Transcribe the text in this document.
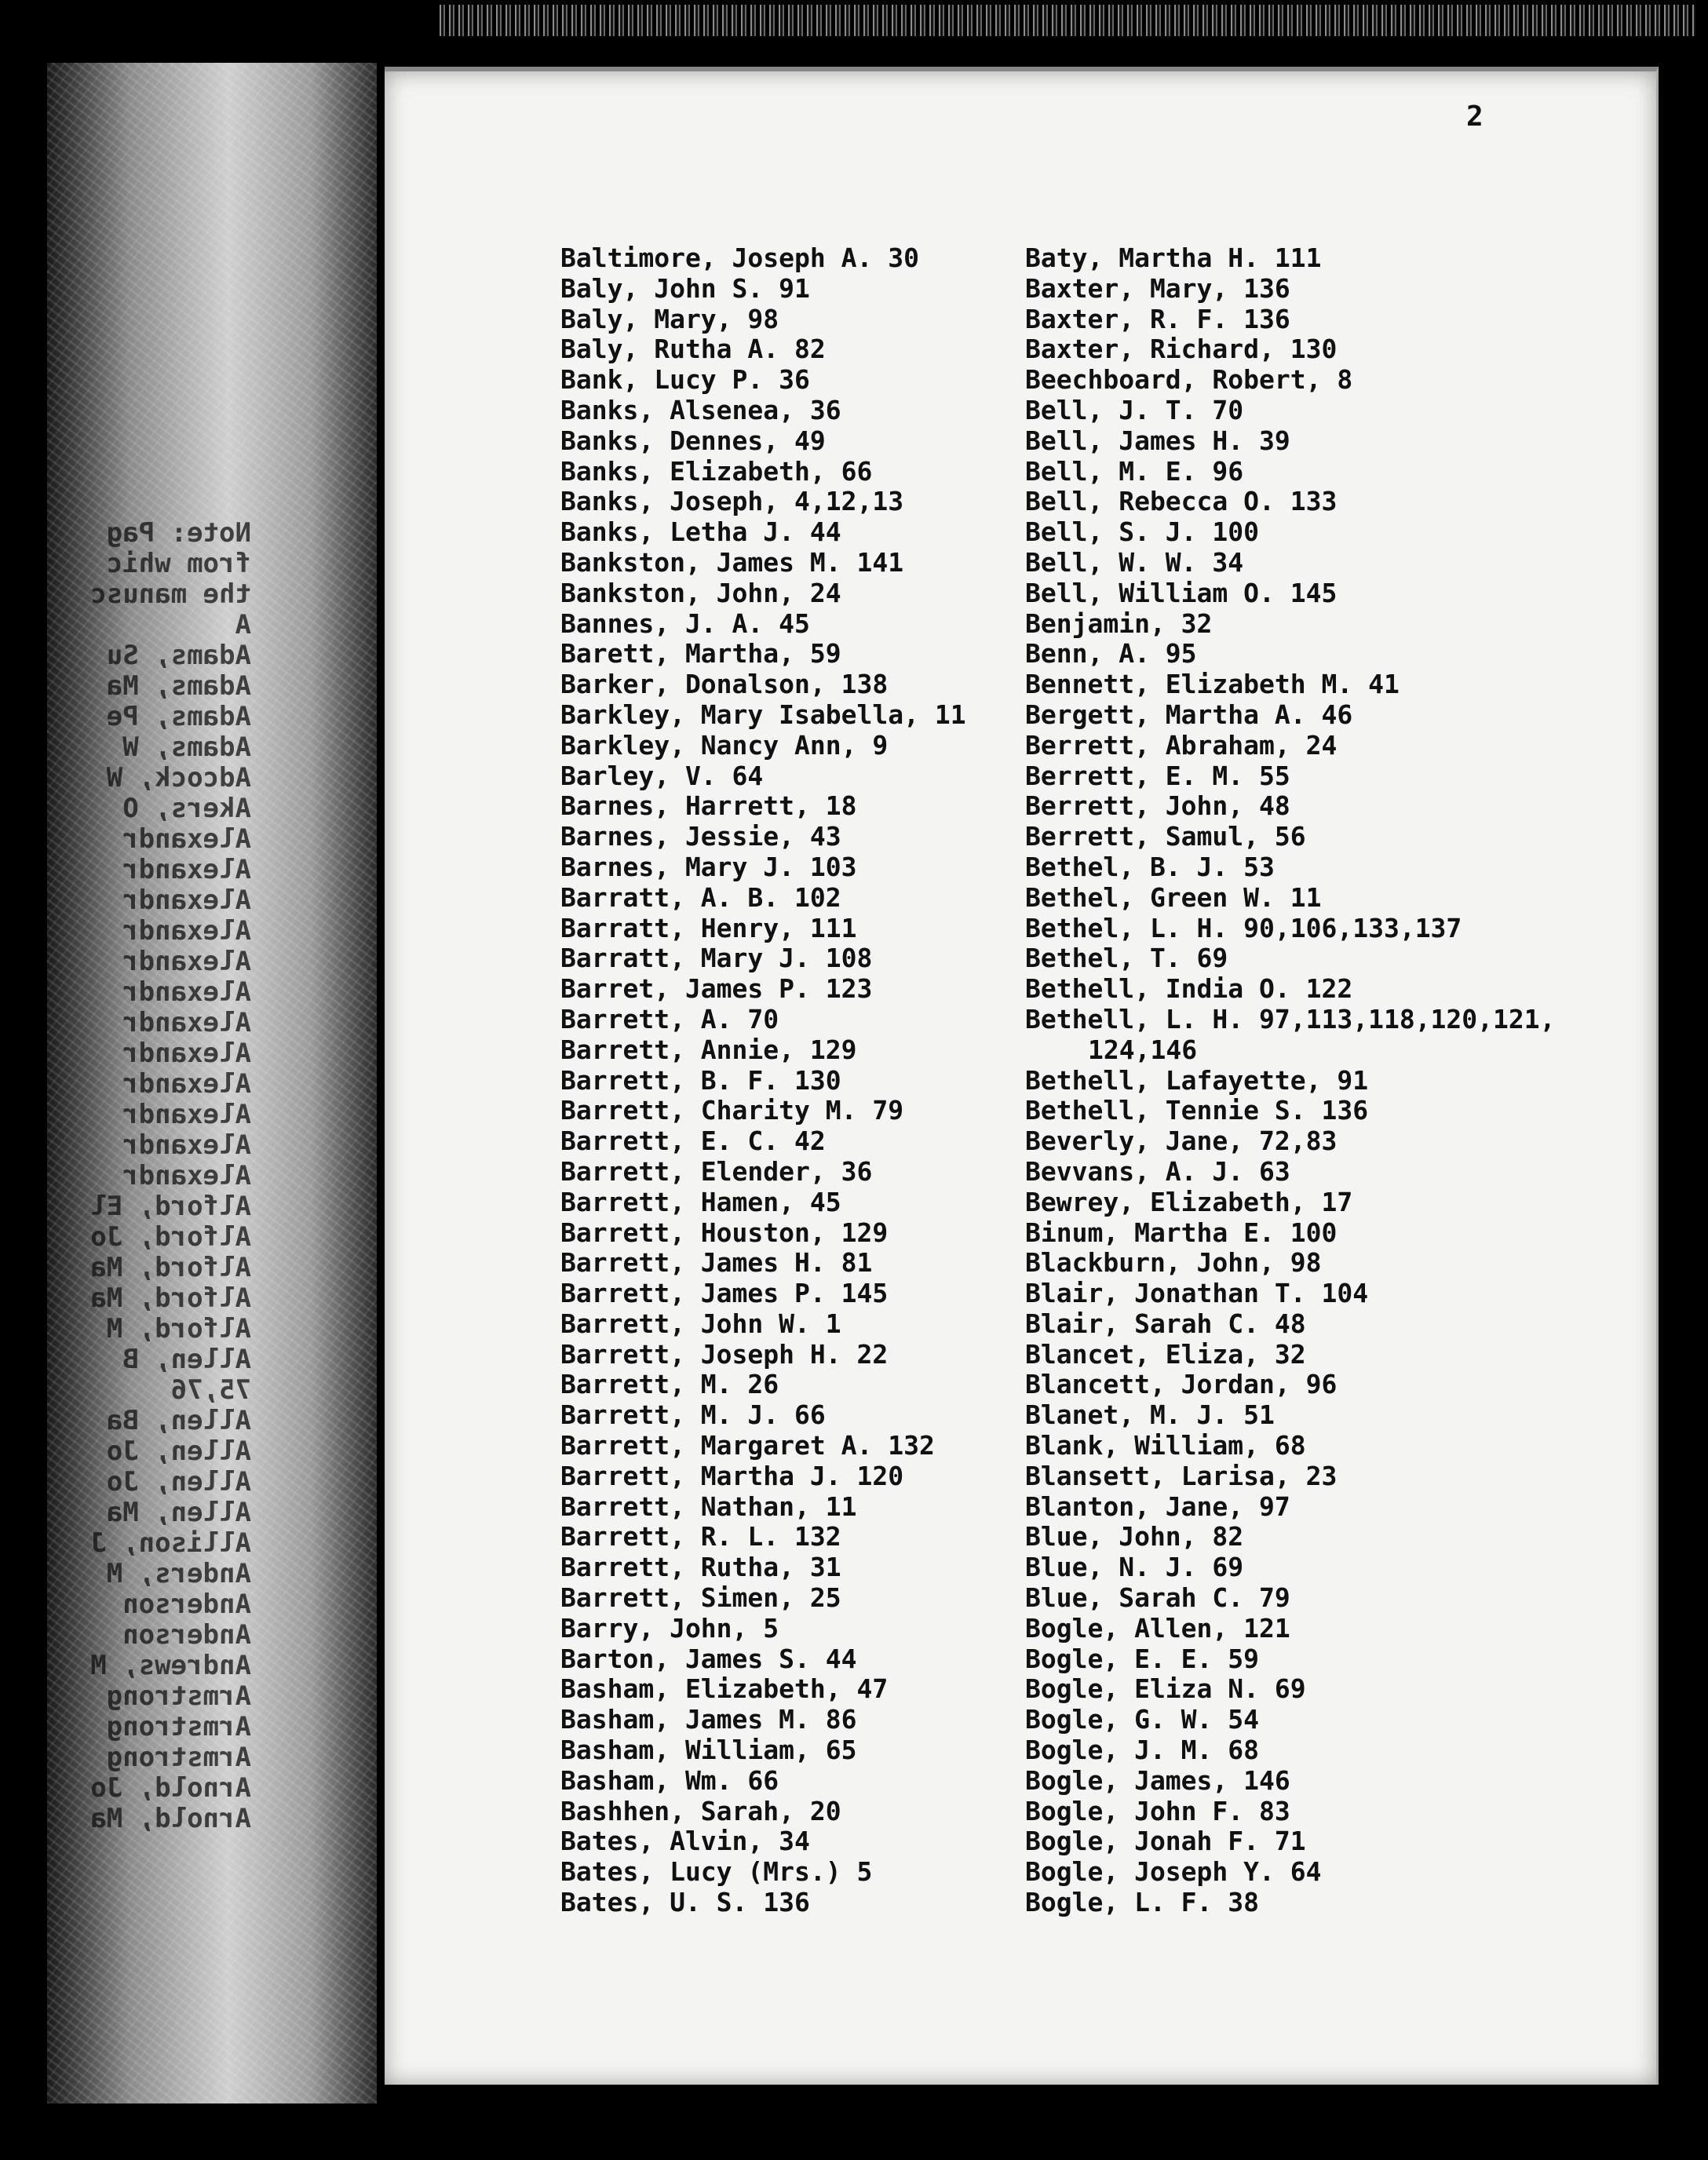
Note: Pag
from whic
the manusc
A
Adams, Su
Adams, Ma
Adams, Pe
Adams, W
Adcock, W
Akers, O
Alexandr
Alexandr
Alexandr
Alexandr
Alexandr
Alexandr
Alexandr
Alexandr
Alexandr
Alexandr
Alexandr
Alexandr
Alford, El
Alford, Jo
Alford, Ma
Alford, Ma
Alford, M
Allen, B
75,76
Allen, Ba
Allen, Jo
Allen, Jo
Allen, Ma
Allison, J
Anders, M
Anderson
Anderson
Andrews, M
Armstrong
Armstrong
Armstrong
Arnold, Jo
Arnold, Ma
2
Baltimore, Joseph A. 30
Baly, John S. 91
Baly, Mary, 98
Baly, Rutha A. 82
Bank, Lucy P. 36
Banks, Alsenea, 36
Banks, Dennes, 49
Banks, Elizabeth, 66
Banks, Joseph, 4,12,13
Banks, Letha J. 44
Bankston, James M. 141
Bankston, John, 24
Bannes, J. A. 45
Barett, Martha, 59
Barker, Donalson, 138
Barkley, Mary Isabella, 11
Barkley, Nancy Ann, 9
Barley, V. 64
Barnes, Harrett, 18
Barnes, Jessie, 43
Barnes, Mary J. 103
Barratt, A. B. 102
Barratt, Henry, 111
Barratt, Mary J. 108
Barret, James P. 123
Barrett, A. 70
Barrett, Annie, 129
Barrett, B. F. 130
Barrett, Charity M. 79
Barrett, E. C. 42
Barrett, Elender, 36
Barrett, Hamen, 45
Barrett, Houston, 129
Barrett, James H. 81
Barrett, James P. 145
Barrett, John W. 1
Barrett, Joseph H. 22
Barrett, M. 26
Barrett, M. J. 66
Barrett, Margaret A. 132
Barrett, Martha J. 120
Barrett, Nathan, 11
Barrett, R. L. 132
Barrett, Rutha, 31
Barrett, Simen, 25
Barry, John, 5
Barton, James S. 44
Basham, Elizabeth, 47
Basham, James M. 86
Basham, William, 65
Basham, Wm. 66
Bashhen, Sarah, 20
Bates, Alvin, 34
Bates, Lucy (Mrs.) 5
Bates, U. S. 136
Baty, Martha H. 111
Baxter, Mary, 136
Baxter, R. F. 136
Baxter, Richard, 130
Beechboard, Robert, 8
Bell, J. T. 70
Bell, James H. 39
Bell, M. E. 96
Bell, Rebecca O. 133
Bell, S. J. 100
Bell, W. W. 34
Bell, William O. 145
Benjamin, 32
Benn, A. 95
Bennett, Elizabeth M. 41
Bergett, Martha A. 46
Berrett, Abraham, 24
Berrett, E. M. 55
Berrett, John, 48
Berrett, Samul, 56
Bethel, B. J. 53
Bethel, Green W. 11
Bethel, L. H. 90,106,133,137
Bethel, T. 69
Bethell, India O. 122
Bethell, L. H. 97,113,118,120,121,
124,146
Bethell, Lafayette, 91
Bethell, Tennie S. 136
Beverly, Jane, 72,83
Bevvans, A. J. 63
Bewrey, Elizabeth, 17
Binum, Martha E. 100
Blackburn, John, 98
Blair, Jonathan T. 104
Blair, Sarah C. 48
Blancet, Eliza, 32
Blancett, Jordan, 96
Blanet, M. J. 51
Blank, William, 68
Blansett, Larisa, 23
Blanton, Jane, 97
Blue, John, 82
Blue, N. J. 69
Blue, Sarah C. 79
Bogle, Allen, 121
Bogle, E. E. 59
Bogle, Eliza N. 69
Bogle, G. W. 54
Bogle, J. M. 68
Bogle, James, 146
Bogle, John F. 83
Bogle, Jonah F. 71
Bogle, Joseph Y. 64
Bogle, L. F. 38
